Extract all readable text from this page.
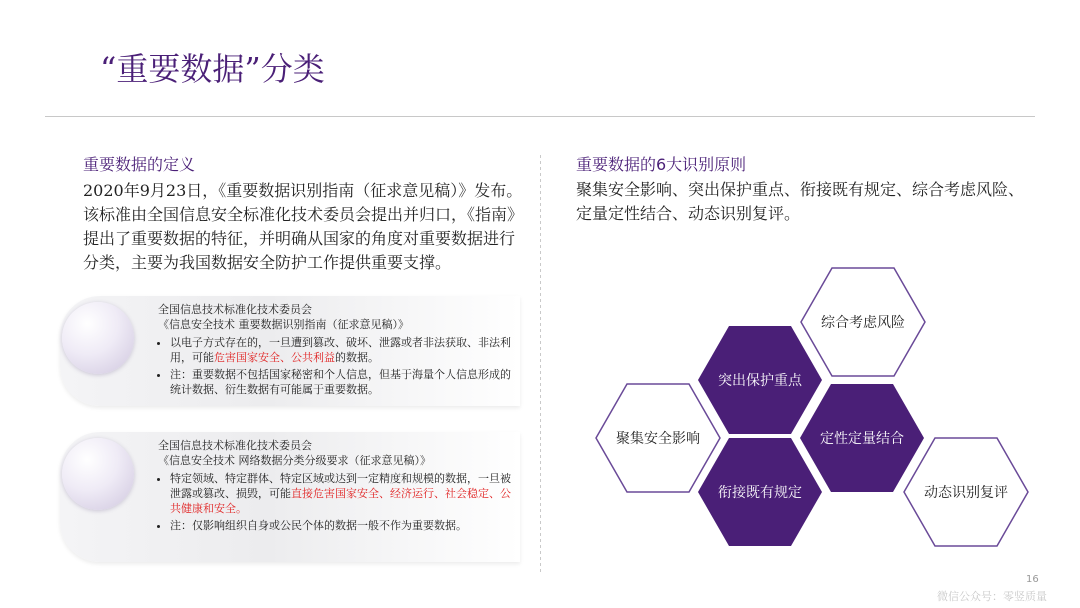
“重要数据”分类
重要数据的定义

2020年9月23日，《重要数据识别指南（征求意见稿）》发布。该标准由全国信息安全标准化技术委员会提出并归口，《指南》提出了重要数据的特征，并明确从国家的角度对重要数据进行分类，主要为我国数据安全防护工作提供重要支撑。

全国信息技术标准化技术委员会
《信息安全技术 重要数据识别指南（征求意见稿）》
• 以电子方式存在的，一旦遭到篡改、破坏、泄露或者非法获取、非法利用，可能危害国家安全、公共利益的数据。
• 注：重要数据不包括国家秘密和个人信息，但基于海量个人信息形成的统计数据、衍生数据有可能属于重要数据。
全国信息技术标准化技术委员会
《信息安全技术 网络数据分类分级要求（征求意见稿）》
• 特定领域、特定群体、特定区域或达到一定精度和规模的数据，一旦被泄露或篡改、损毁，可能直接危害国家安全、经济运行、社会稳定、公共健康和安全。
• 注：仅影响组织自身或公民个体的数据一般不作为重要数据。
重要数据的6大识别原则

聚集安全影响、突出保护重点、衔接既有规定、综合考虑风险、定量定性结合、动态识别复评。

综合考虑风险
聚集安全影响
动态识别复评
突出保护重点
定性定量结合
衔接既有规定
16
微信公众号：零竖质量
